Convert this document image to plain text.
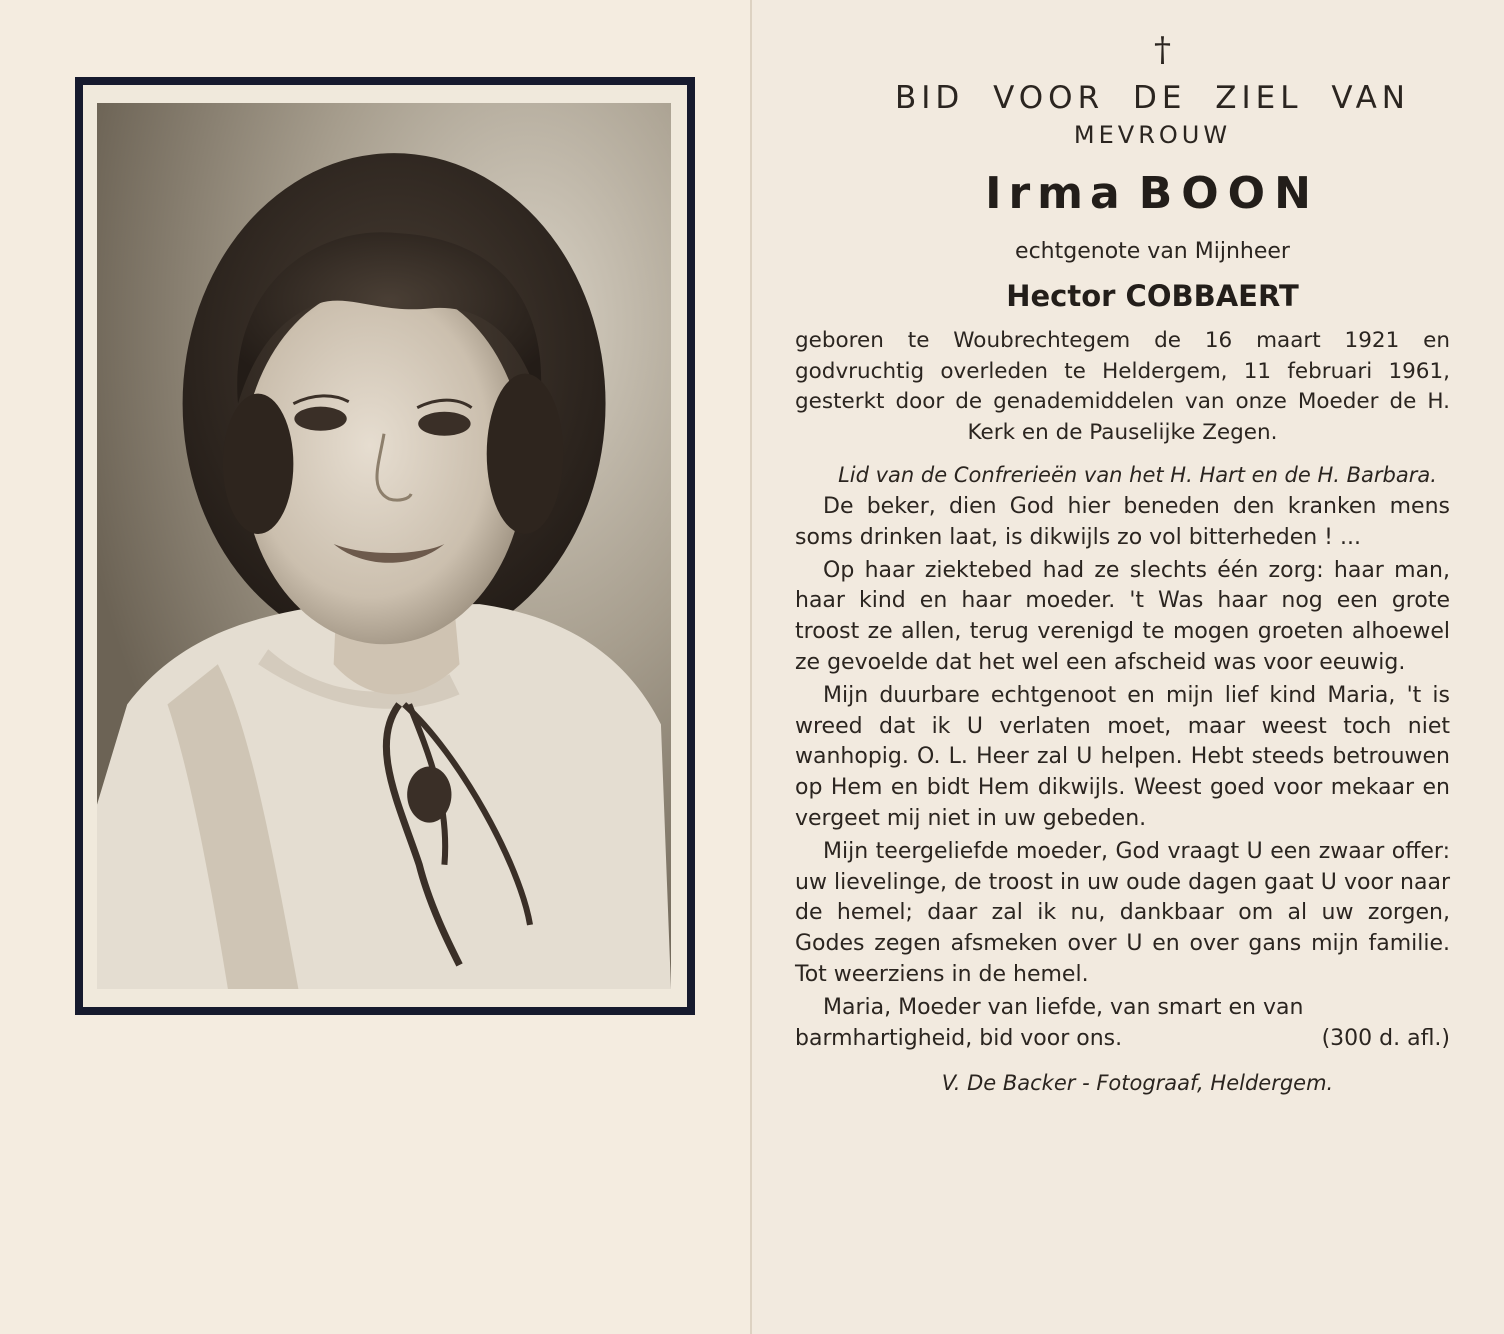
†
BID VOOR DE ZIEL VAN
MEVROUW
Irma BOON
echtgenote van Mijnheer
Hector COBBAERT
geboren te Woubrechtegem de 16 maart 1921 en godvruchtig overleden te Heldergem, 11 februari 1961, gesterkt door de genademiddelen van onze Moeder de H. Kerk en de Pauselijke Zegen.
Lid van de Confrerieën van het H. Hart en de H. Barbara.

De beker, dien God hier beneden den kranken mens soms drinken laat, is dikwijls zo vol bitterheden ! ...

Op haar ziektebed had ze slechts één zorg: haar man, haar kind en haar moeder. 't Was haar nog een grote troost ze allen, terug verenigd te mogen groeten alhoewel ze gevoelde dat het wel een afscheid was voor eeuwig.

Mijn duurbare echtgenoot en mijn lief kind Maria, 't is wreed dat ik U verlaten moet, maar weest toch niet wanhopig. O. L. Heer zal U helpen. Hebt steeds betrouwen op Hem en bidt Hem dikwijls. Weest goed voor mekaar en vergeet mij niet in uw gebeden.

Mijn teergeliefde moeder, God vraagt U een zwaar offer: uw lievelinge, de troost in uw oude dagen gaat U voor naar de hemel; daar zal ik nu, dankbaar om al uw zorgen, Godes zegen afsmeken over U en over gans mijn familie. Tot weerziens in de hemel.

Maria, Moeder van liefde, van smart en van

barmhartigheid, bid voor ons.	(300 d. afl.)
V. De Backer - Fotograaf, Heldergem.
